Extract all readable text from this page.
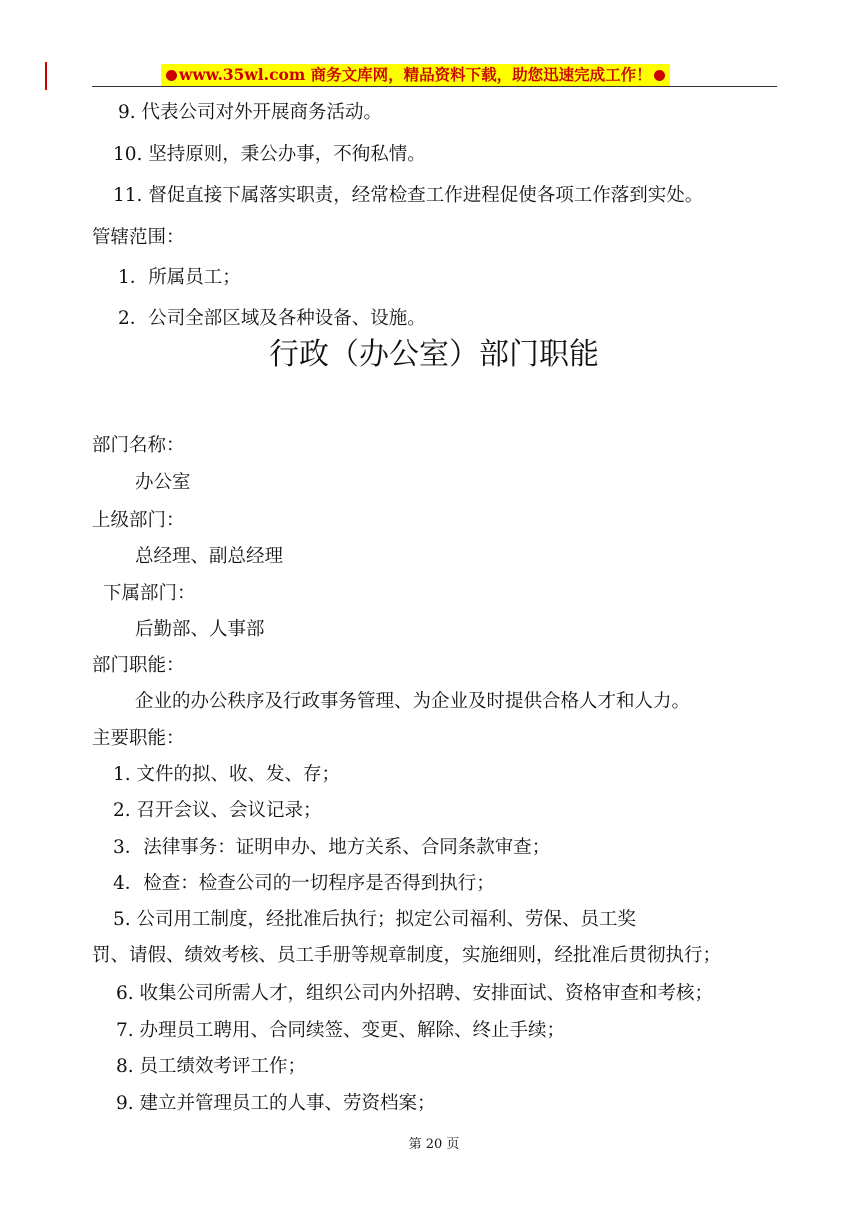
www.35wl.com 商务文库网，精品资料下载，助您迅速完成工作！
9. 代表公司对外开展商务活动。
10. 坚持原则，秉公办事，不徇私情。
11. 督促直接下属落实职责，经常检查工作进程促使各项工作落到实处。
管辖范围：
1．所属员工；
2．公司全部区域及各种设备、设施。
行政（办公室）部门职能
部门名称：
办公室
上级部门：
总经理、副总经理
下属部门：
后勤部、人事部
部门职能：
企业的办公秩序及行政事务管理、为企业及时提供合格人才和人力。
主要职能：
1. 文件的拟、收、发、存；
2. 召开会议、会议记录；
3．法律事务：证明申办、地方关系、合同条款审查；
4．检查：检查公司的一切程序是否得到执行；
5. 公司用工制度，经批准后执行；拟定公司福利、劳保、员工奖
罚、请假、绩效考核、员工手册等规章制度，实施细则，经批准后贯彻执行；
6. 收集公司所需人才，组织公司内外招聘、安排面试、资格审查和考核；
7. 办理员工聘用、合同续签、变更、解除、终止手续；
8. 员工绩效考评工作；
9. 建立并管理员工的人事、劳资档案；
第 20 页
